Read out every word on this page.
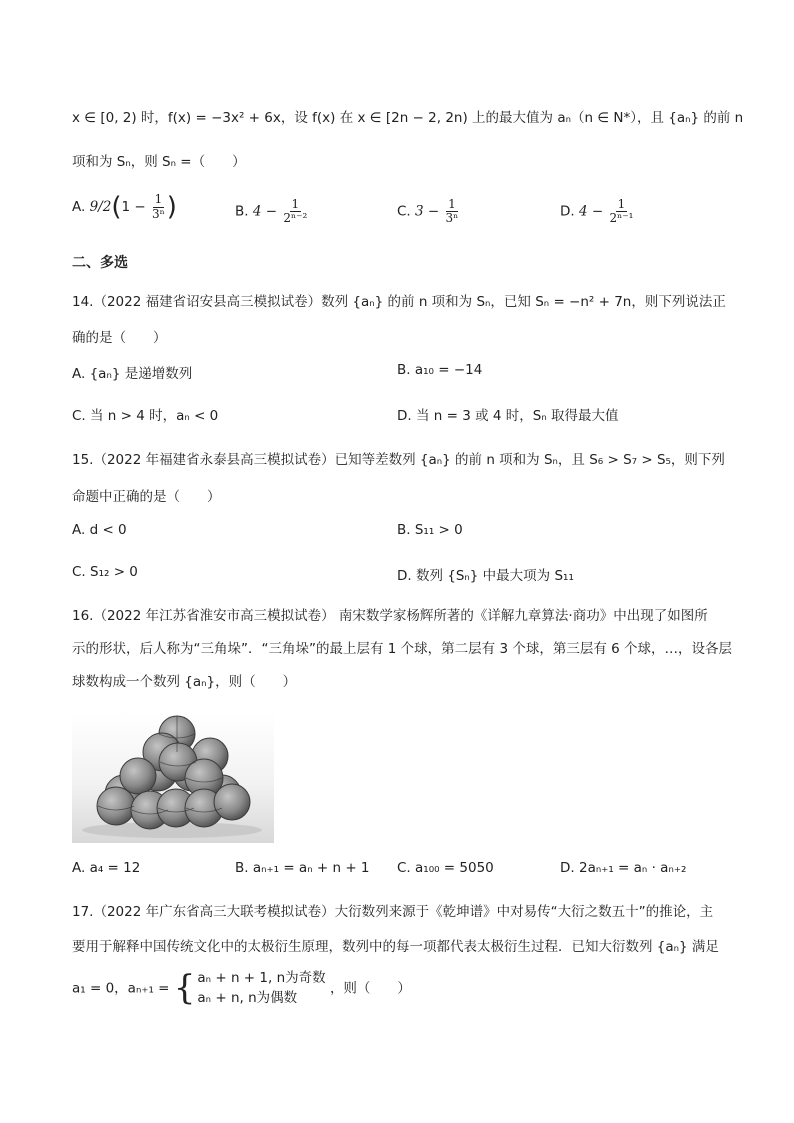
x ∈ [0, 2) 时，f(x) = −3x² + 6x，设 f(x) 在 x ∈ [2n − 2, 2n) 上的最大值为 aₙ（n ∈ N*），且 {aₙ} 的前 n
项和为 Sₙ，则 Sₙ =（　　）
A. $9/2(1 - \frac{1}{\text{3ⁿ}}$ )	B. $4 - \frac{1}{\text{2ⁿ⁻²}}$	C. $3 - \frac{1}{\text{3ⁿ}}$	D. $4 - \frac{1}{\text{2ⁿ⁻¹}}$
二、多选
14.（2022 福建省诏安县高三模拟试卷）数列 {aₙ} 的前 n 项和为 Sₙ，已知 Sₙ = −n² + 7n，则下列说法正
确的是（　　）
A. {aₙ} 是递增数列	B. a₁₀ = −14
C. 当 n > 4 时，aₙ < 0	D. 当 n = 3 或 4 时，Sₙ 取得最大值
15.（2022 年福建省永泰县高三模拟试卷）已知等差数列 {aₙ} 的前 n 项和为 Sₙ，且 S₆ > S₇ > S₅，则下列
命题中正确的是（　　）
A. d < 0	B. S₁₁ > 0
C. S₁₂ > 0	D. 数列 {Sₙ} 中最大项为 S₁₁
16.（2022 年江苏省淮安市高三模拟试卷） 南宋数学家杨辉所著的《详解九章算法·商功》中出现了如图所
示的形状，后人称为“三角垛”．“三角垛”的最上层有 1 个球，第二层有 3 个球，第三层有 6 个球，…，设各层
球数构成一个数列 {aₙ}，则（　　）
A. a₄ = 12	B. aₙ₊₁ = aₙ + n + 1 C. a₁₀₀ = 5050	D. 2aₙ₊₁ = aₙ · aₙ₊₂
17.（2022 年广东省高三大联考模拟试卷）大衍数列来源于《乾坤谱》中对易传“大衍之数五十”的推论，主
要用于解释中国传统文化中的太极衍生原理，数列中的每一项都代表太极衍生过程．已知大衍数列 {aₙ} 满足
a₁ = 0，aₙ₊₁ = { aₙ + n + 1, n为奇数
aₙ + n, n为偶数
，则（　　）
